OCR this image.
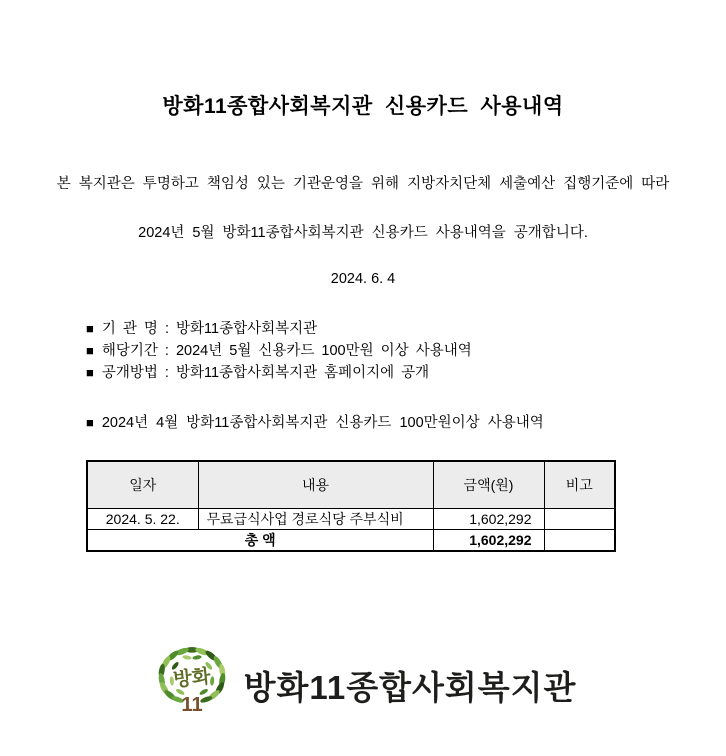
방화11종합사회복지관 신용카드 사용내역

본 복지관은 투명하고 책임성 있는 기관운영을 위해 지방자치단체 세출예산 집행기준에 따라

2024년 5월 방화11종합사회복지관 신용카드 사용내역을 공개합니다.

2024. 6. 4

■ 기 관 명 : 방화11종합사회복지관
■ 해당기간 : 2024년 5월 신용카드 100만원 이상 사용내역
■ 공개방법 : 방화11종합사회복지관 홈페이지에 공개
■ 2024년 4월 방화11종합사회복지관 신용카드 100만원이상 사용내역
일자	내용	금액(원)	비고
2024. 5. 22.	무료급식사업 경로식당 주부식비	1,602,292	
총 액		1,602,292	
방화
11 방화11종합사회복지관
